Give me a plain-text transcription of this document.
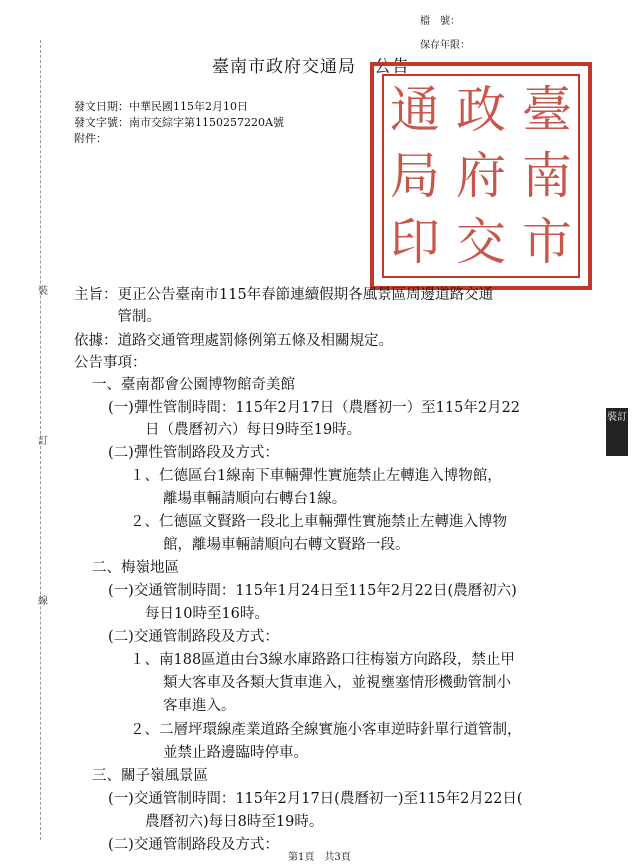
檔　號：
保存年限：
臺南市政府交通局　公告
發文日期：中華民國115年2月10日
發文字號：南市交綜字第1150257220A號
附件：	臺
南
市
政
府
交
通
局
印
裝
訂
線
裝訂
主旨：更正公告臺南市115年春節連續假期各風景區周邊道路交通
　　　管制。
依據：道路交通管理處罰條例第五條及相關規定。
公告事項：
一、臺南都會公園博物館奇美館
(一)彈性管制時間：115年2月17日（農曆初一）至115年2月22
日（農曆初六）每日9時至19時。
(二)彈性管制路段及方式：
１、仁德區台1線南下車輛彈性實施禁止左轉進入博物館，
離場車輛請順向右轉台1線。
２、仁德區文賢路一段北上車輛彈性實施禁止左轉進入博物
館，離場車輛請順向右轉文賢路一段。
二、梅嶺地區
(一)交通管制時間：115年1月24日至115年2月22日(農曆初六)
每日10時至16時。
(二)交通管制路段及方式：
１、南188區道由台3線水庫路路口往梅嶺方向路段，禁止甲
類大客車及各類大貨車進入，並視壅塞情形機動管制小
客車進入。
２、二層坪環線產業道路全線實施小客車逆時針單行道管制，
並禁止路邊臨時停車。
三、關子嶺風景區
(一)交通管制時間：115年2月17日(農曆初一)至115年2月22日(
農曆初六)每日8時至19時。
(二)交通管制路段及方式：
第1頁　共3頁
